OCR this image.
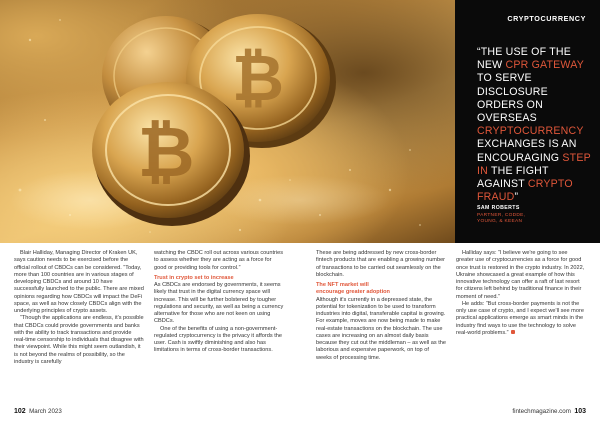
₿
₿
CRYPTOCURRENCY
“THE USE OF THE NEW CPR GATEWAY TO SERVE DISCLOSURE ORDERS ON OVERSEAS CRYPTOCURRENCY EXCHANGES IS AN ENCOURAGING STEP IN THE FIGHT AGAINST CRYPTO FRAUD”
SAM ROBERTS
PARTNER, CODDE,
YOUNG, & KEEAN

Blair Halliday, Managing Director of Kraken UK, says caution needs to be exercised before the official rollout of CBDCs can be considered. “Today, more than 100 countries are in various stages of developing CBDCs and around 10 have successfully launched to the public. There are mixed opinions regarding how CBDCs will impact the DeFi space, as well as how closely CBDCs align with the underlying principles of crypto assets.

“Though the applications are endless, it's possible that CBDCs could provide governments and banks with the ability to track transactions and provide real-time censorship to individuals that disagree with their viewpoint. While this might seem outlandish, it is not beyond the realms of possibility, so the industry is carefully

watching the CBDC roll out across various countries to assess whether they are acting as a force for good or providing tools for control.”

Trust in crypto set to increase

As CBDCs are endorsed by governments, it seems likely that trust in the digital currency space will increase. This will be further bolstered by tougher regulations and security, as well as being a currency alternative for those who are not keen on using CBDCs.

One of the benefits of using a non-government-regulated cryptocurrency is the privacy it affords the user. Cash is swiftly diminishing and also has limitations in terms of cross-border transactions.

These are being addressed by new cross-border fintech products that are enabling a growing number of transactions to be carried out seamlessly on the blockchain.

The NFT market will

encourage greater adoption

Although it's currently in a depressed state, the potential for tokenization to be used to transform industries into digital, transferable capital is growing. For example, moves are now being made to make real-estate transactions on the blockchain. The use cases are increasing on an almost daily basis because they cut out the middleman – as well as the laborious and expensive paperwork, on top of weeks of processing time.

Halliday says: “I believe we're going to see greater use of cryptocurrencies as a force for good once trust is restored in the crypto industry. In 2022, Ukraine showcased a great example of how this innovative technology can offer a raft of last resort for citizens left behind by traditional finance in their moment of need.”

He adds: “But cross-border payments is not the only use case of crypto, and I expect we'll see more practical applications emerge as smart minds in the industry find ways to use the technology to solve real-world problems.”

102 March 2023	fintechmagazine.com 103
